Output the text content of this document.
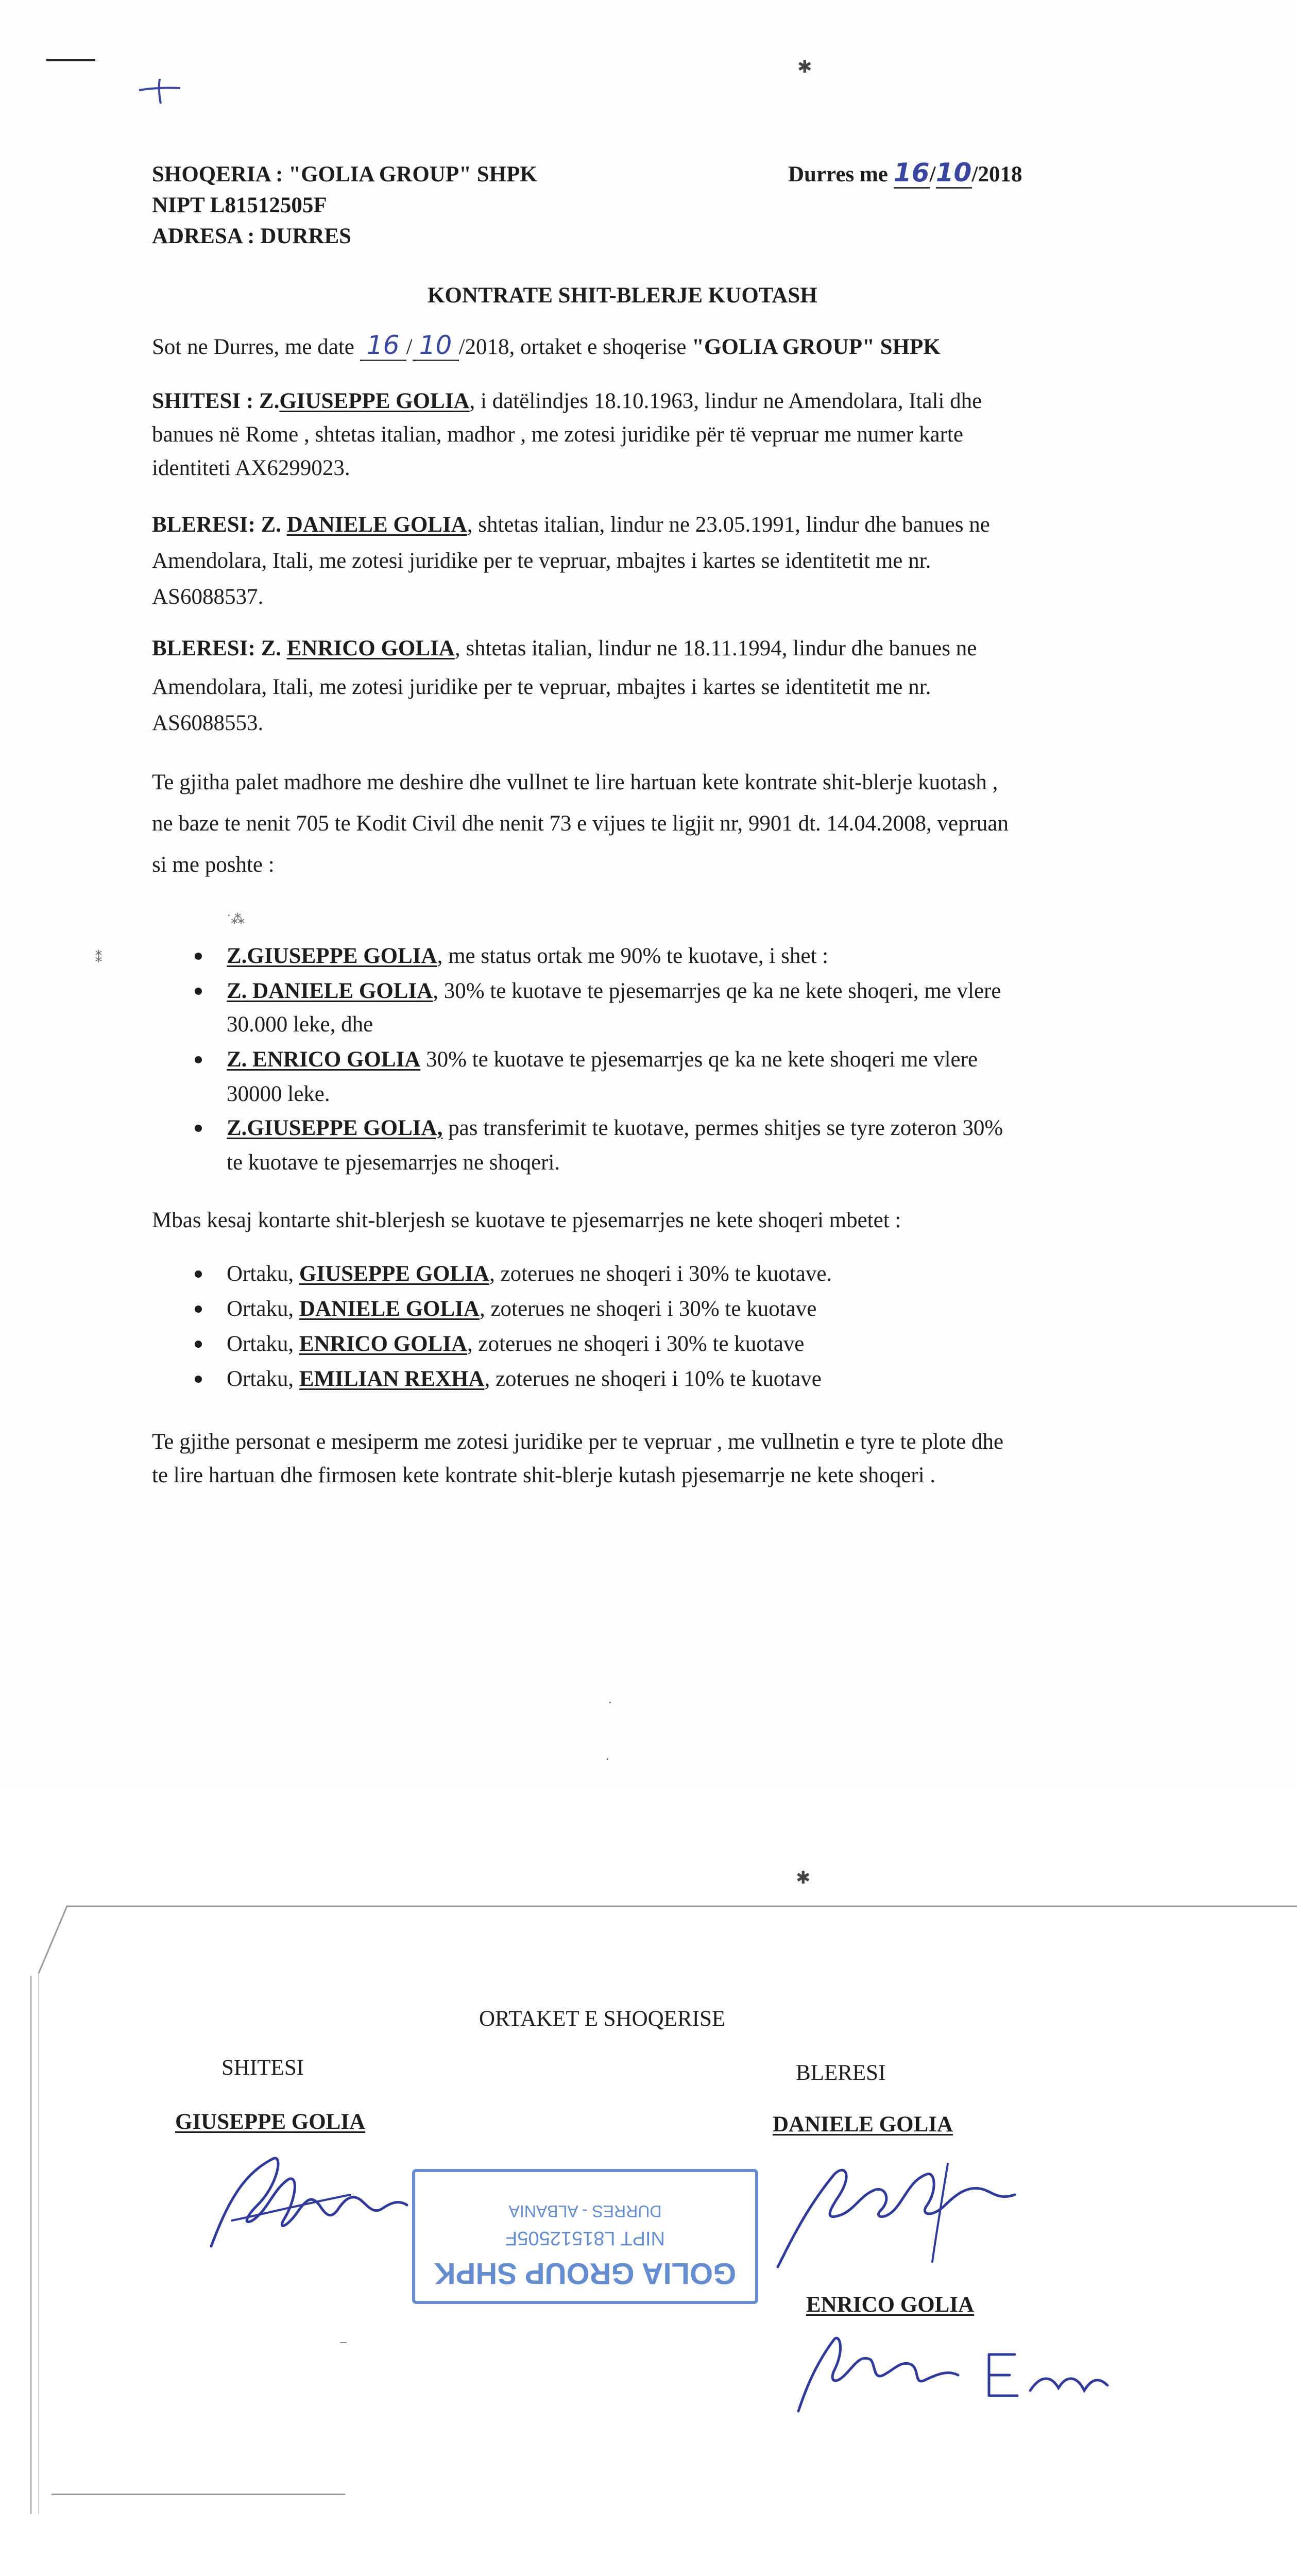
✱
SHOQERIA : "GOLIA GROUP" SHPK
NIPT L81512505F
ADRESA : DURRES
Durres me 16/10/2018
KONTRATE SHIT-BLERJE KUOTASH
Sot ne Durres, me date 16 / 10 /2018, ortaket e shoqerise "GOLIA GROUP" SHPK
SHITESI : Z.GIUSEPPE GOLIA, i datëlindjes 18.10.1963, lindur ne Amendolara, Itali dhe
banues në Rome , shtetas italian, madhor , me zotesi juridike për të vepruar me numer karte
identiteti AX6299023.
BLERESI: Z. DANIELE GOLIA, shtetas italian, lindur ne 23.05.1991, lindur dhe banues ne
Amendolara, Itali, me zotesi juridike per te vepruar, mbajtes i kartes se identitetit me nr.
AS6088537.
BLERESI: Z. ENRICO GOLIA, shtetas italian, lindur ne 18.11.1994, lindur dhe banues ne
Amendolara, Itali, me zotesi juridike per te vepruar, mbajtes i kartes se identitetit me nr.
AS6088553.
Te gjitha palet madhore me deshire dhe vullnet te lire hartuan kete kontrate shit-blerje kuotash ,
ne baze te nenit 705 te Kodit Civil dhe nenit 73 e vijues te ligjit nr, 9901 dt. 14.04.2008, vepruan
si me poshte :
˙⁂
⁑	Z.GIUSEPPE GOLIA, me status ortak me 90% te kuotave, i shet :
Z. DANIELE GOLIA, 30% te kuotave te pjesemarrjes qe ka ne kete shoqeri, me vlere
30.000 leke, dhe
Z. ENRICO GOLIA 30% te kuotave te pjesemarrjes qe ka ne kete shoqeri me vlere
30000 leke.
Z.GIUSEPPE GOLIA, pas transferimit te kuotave, permes shitjes se tyre zoteron 30%
te kuotave te pjesemarrjes ne shoqeri.
Mbas kesaj kontarte shit-blerjesh se kuotave te pjesemarrjes ne kete shoqeri mbetet :
Ortaku, GIUSEPPE GOLIA, zoterues ne shoqeri i 30% te kuotave.
Ortaku, DANIELE GOLIA, zoterues ne shoqeri i 30% te kuotave
Ortaku, ENRICO GOLIA, zoterues ne shoqeri i 30% te kuotave
Ortaku, EMILIAN REXHA, zoterues ne shoqeri i 10% te kuotave
Te gjithe personat e mesiperm me zotesi juridike per te vepruar , me vullnetin e tyre te plote dhe
te lire hartuan dhe firmosen kete kontrate shit-blerje kutash pjesemarrje ne kete shoqeri .
·
·
✱
ORTAKET E SHOQERISE
SHITESI	BLERESI
GIUSEPPE GOLIA	DANIELE GOLIA
ENRICO GOLIA
GOLIA GROUP SHPK
NIPT L81512505F
DURRES - ALBANIA
–
